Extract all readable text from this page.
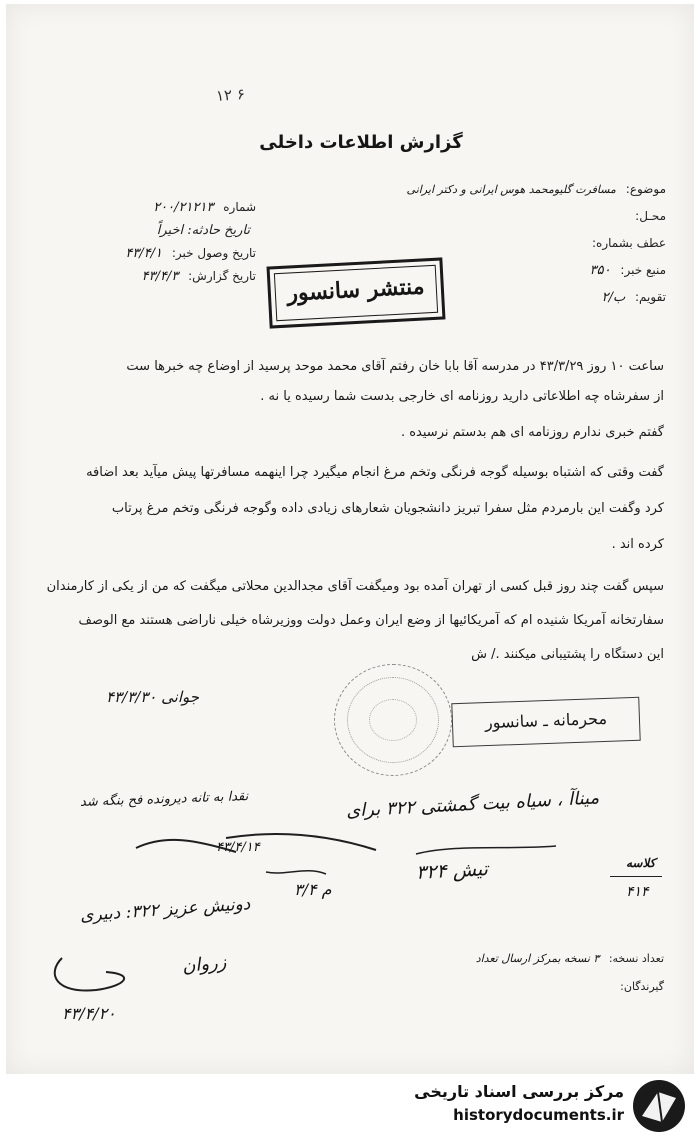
۱۲ ۶
گزارش اطلاعات داخلی
شماره ۲۰۰/۲۱۲۱۳
تاریخ حادثه: اخیراً
تاریخ وصول خبر: ۴۳/۴/۱
تاریخ گزارش: ۴۳/۴/۳
موضوع: مسافرت گلیومحمد هوس ایرانی و دکتر ایرانی
محـل:
عطف بشماره:
منبع خبر: ۳۵۰
تقویم: ب/۲
منتشر سانسور
ساعت ۱۰ روز ۴۳/۳/۲۹ در مدرسه آقا بابا خان رفتم آقای محمد موحد پرسید از اوضاع چه خبرها ست
از سفرشاه چه اطلاعاتی دارید روزنامه ای خارجی بدست شما رسیده یا نه .
گفتم خبری ندارم روزنامه ای هم بدستم نرسیده .
گفت وقتی که اشتباه بوسیله گوجه فرنگی وتخم مرغ انجام میگیرد چرا اینهمه مسافرتها پیش میآید بعد اضافه
کرد وگفت این بارمردم مثل سفرا تبریز دانشجویان شعارهای زیادی داده وگوجه فرنگی وتخم مرغ پرتاب
کرده اند .
سپس گفت چند روز قبل کسی از تهران آمده بود ومیگفت آقای مجدالدین محلاتی میگفت که من از یکی از کارمندان
سفارتخانه آمریکا شنیده ام که آمریکائیها از وضع ایران وعمل دولت ووزیرشاه خیلی ناراضی هستند مع الوصف
این دستگاه را پشتیبانی میکنند ./ ش
جوانی ۴۳/۳/۳۰
محرمانه ـ سانسور
نقدا به تانه دیرونده فح بنگه شد	میناآ ، سیاه بیت گمشتی ۳۲۲ برای
۴۳/۴/۱۴
۳۲۴ تیش
۳/۴ م
دونیش عزیز ۳۲۲: دبیری
زروان
۴۳/۴/۲۰
کلاسه
۴۱۴
تعداد نسخه: ۳ نسخه بمرکز ارسال تعداد
گیرندگان:
مرکز بررسی اسناد تاریخی
historydocuments.ir
